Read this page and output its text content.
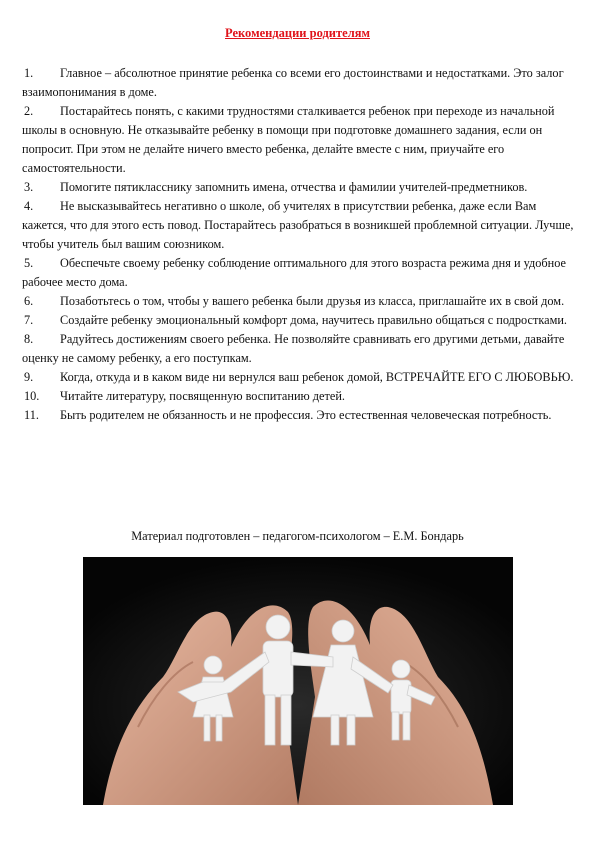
Рекомендации родителям

1. Главное – абсолютное принятие ребенка со всеми его достоинствами и недостатками. Это залог взаимопонимания в доме.

2. Постарайтесь понять, с какими трудностями сталкивается ребенок при переходе из начальной школы в основную. Не отказывайте ребенку в помощи при подготовке домашнего задания, если он попросит. При этом не делайте ничего вместо ребенка, делайте вместе с ним, приучайте его самостоятельности.

3. Помогите пятикласснику запомнить имена, отчества и фамилии учителей-предметников.

4. Не высказывайтесь негативно о школе, об учителях в присутствии ребенка, даже если Вам кажется, что для этого есть повод. Постарайтесь разобраться в возникшей проблемной ситуации. Лучше, чтобы учитель был вашим союзником.

5. Обеспечьте своему ребенку соблюдение оптимального для этого возраста режима дня и удобное рабочее место дома.

6. Позаботьтесь о том, чтобы у вашего ребенка были друзья из класса, приглашайте их в свой дом.

7. Создайте ребенку эмоциональный комфорт дома, научитесь правильно общаться с подростками.

8. Радуйтесь достижениям своего ребенка. Не позволяйте сравнивать его другими детьми, давайте оценку не самому ребенку, а его поступкам.

9. Когда, откуда и в каком виде ни вернулся ваш ребенок домой, ВСТРЕЧАЙТЕ ЕГО С ЛЮБОВЬЮ.

10. Читайте литературу, посвященную воспитанию детей.

11. Быть родителем не обязанность и не профессия. Это естественная человеческая потребность.

Материал подготовлен – педагогом-психологом – Е.М. Бондарь
